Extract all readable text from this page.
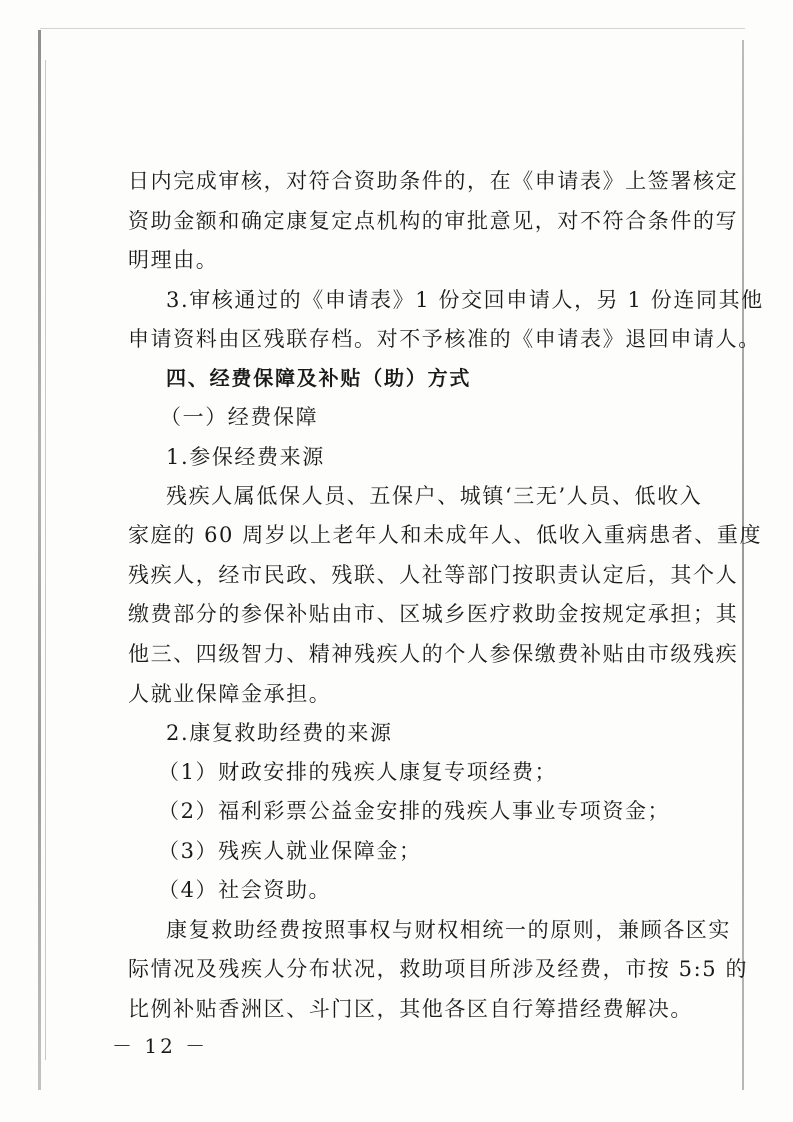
日内完成审核，对符合资助条件的，在《申请表》上签署核定
资助金额和确定康复定点机构的审批意见，对不符合条件的写
明理由。
3.审核通过的《申请表》1 份交回申请人，另 1 份连同其他
申请资料由区残联存档。对不予核准的《申请表》退回申请人。
四、经费保障及补贴（助）方式
（一）经费保障
1.参保经费来源
残疾人属低保人员、五保户、城镇‘三无’人员、低收入
家庭的 60 周岁以上老年人和未成年人、低收入重病患者、重度
残疾人，经市民政、残联、人社等部门按职责认定后，其个人
缴费部分的参保补贴由市、区城乡医疗救助金按规定承担；其
他三、四级智力、精神残疾人的个人参保缴费补贴由市级残疾
人就业保障金承担。
2.康复救助经费的来源
（1）财政安排的残疾人康复专项经费；
（2）福利彩票公益金安排的残疾人事业专项资金；
（3）残疾人就业保障金；
（4）社会资助。
康复救助经费按照事权与财权相统一的原则，兼顾各区实
际情况及残疾人分布状况，救助项目所涉及经费，市按 5:5 的
比例补贴香洲区、斗门区，其他各区自行筹措经费解决。
－ 12 －
